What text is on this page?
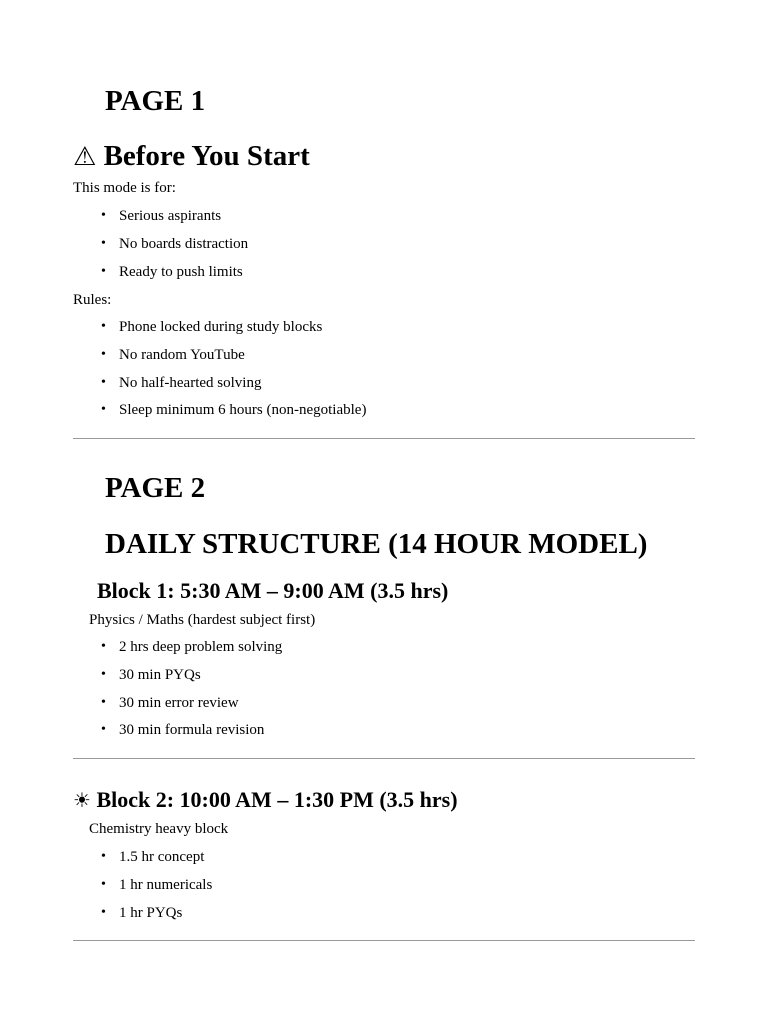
PAGE 1
⚠ Before You Start

This mode is for:

• Serious aspirants
• No boards distraction
• Ready to push limits

Rules:

• Phone locked during study blocks
• No random YouTube
• No half-hearted solving
• Sleep minimum 6 hours (non-negotiable)
PAGE 2
DAILY STRUCTURE (14 HOUR MODEL)
Block 1: 5:30 AM – 9:00 AM (3.5 hrs)

Physics / Maths (hardest subject first)

• 2 hrs deep problem solving
• 30 min PYQs
• 30 min error review
• 30 min formula revision
☀ Block 2: 10:00 AM – 1:30 PM (3.5 hrs)

Chemistry heavy block

• 1.5 hr concept
• 1 hr numericals
• 1 hr PYQs
